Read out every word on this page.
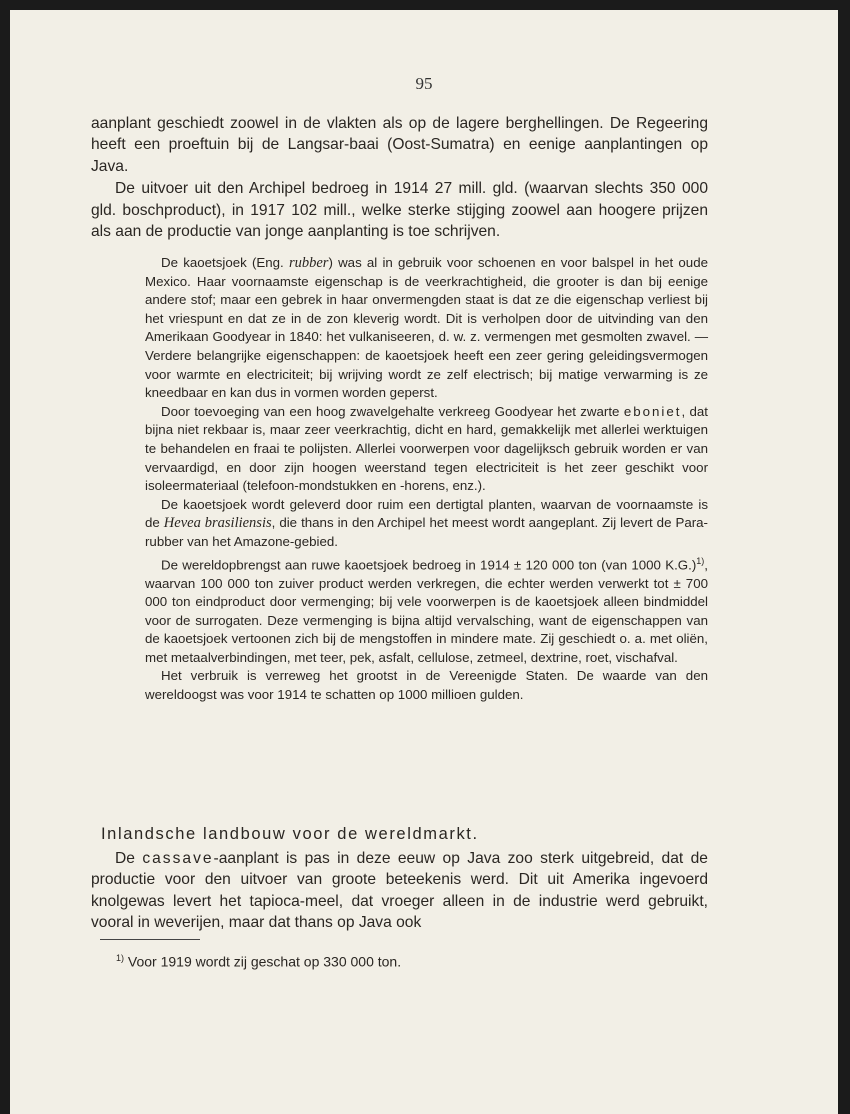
95

aanplant geschiedt zoowel in de vlakten als op de lagere berghellingen. De Regeering heeft een proeftuin bij de Langsar-baai (Oost-Sumatra) en eenige aanplantingen op Java.

De uitvoer uit den Archipel bedroeg in 1914 27 mill. gld. (waarvan slechts 350 000 gld. boschproduct), in 1917 102 mill., welke sterke stijging zoowel aan hoogere prijzen als aan de productie van jonge aanplanting is toe schrijven.

De kaoetsjoek (Eng. rubber) was al in gebruik voor schoenen en voor balspel in het oude Mexico. Haar voornaamste eigenschap is de veerkrachtigheid, die grooter is dan bij eenige andere stof; maar een gebrek in haar onvermengden staat is dat ze die eigenschap verliest bij het vriespunt en dat ze in de zon kleverig wordt. Dit is verholpen door de uitvinding van den Amerikaan Goodyear in 1840: het vulkaniseeren, d. w. z. vermengen met gesmolten zwavel. — Verdere belangrijke eigenschappen: de kaoetsjoek heeft een zeer gering geleidingsvermogen voor warmte en electriciteit; bij wrijving wordt ze zelf electrisch; bij matige verwarming is ze kneedbaar en kan dus in vormen worden geperst.

Door toevoeging van een hoog zwavelgehalte verkreeg Goodyear het zwarte eboniet, dat bijna niet rekbaar is, maar zeer veerkrachtig, dicht en hard, gemakkelijk met allerlei werktuigen te behandelen en fraai te polijsten. Allerlei voorwerpen voor dagelijksch gebruik worden er van vervaardigd, en door zijn hoogen weerstand tegen electriciteit is het zeer geschikt voor isoleermateriaal (telefoon-mondstukken en -horens, enz.).

De kaoetsjoek wordt geleverd door ruim een dertigtal planten, waarvan de voornaamste is de Hevea brasiliensis, die thans in den Archipel het meest wordt aangeplant. Zij levert de Para-rubber van het Amazone-gebied.

De wereldopbrengst aan ruwe kaoetsjoek bedroeg in 1914 ± 120 000 ton (van 1000 K.G.)$^{1)}$, waarvan 100 000 ton zuiver product werden verkregen, die echter werden verwerkt tot ± 700 000 ton eindproduct door vermenging; bij vele voorwerpen is de kaoetsjoek alleen bindmiddel voor de surrogaten. Deze vermenging is bijna altijd vervalsching, want de eigenschappen van de kaoetsjoek vertoonen zich bij de mengstoffen in mindere mate. Zij geschiedt o. a. met oliën, met metaalverbindingen, met teer, pek, asfalt, cellulose, zetmeel, dextrine, roet, vischafval.

Het verbruik is verreweg het grootst in de Vereenigde Staten. De waarde van den wereldoogst was voor 1914 te schatten op 1000 millioen gulden.

Inlandsche landbouw voor de wereldmarkt.

De cassave-aanplant is pas in deze eeuw op Java zoo sterk uitgebreid, dat de productie voor den uitvoer van groote beteekenis werd. Dit uit Amerika ingevoerd knolgewas levert het tapioca-meel, dat vroeger alleen in de industrie werd gebruikt, vooral in weverijen, maar dat thans op Java ook

$^{1)}$ Voor 1919 wordt zij geschat op 330 000 ton.
